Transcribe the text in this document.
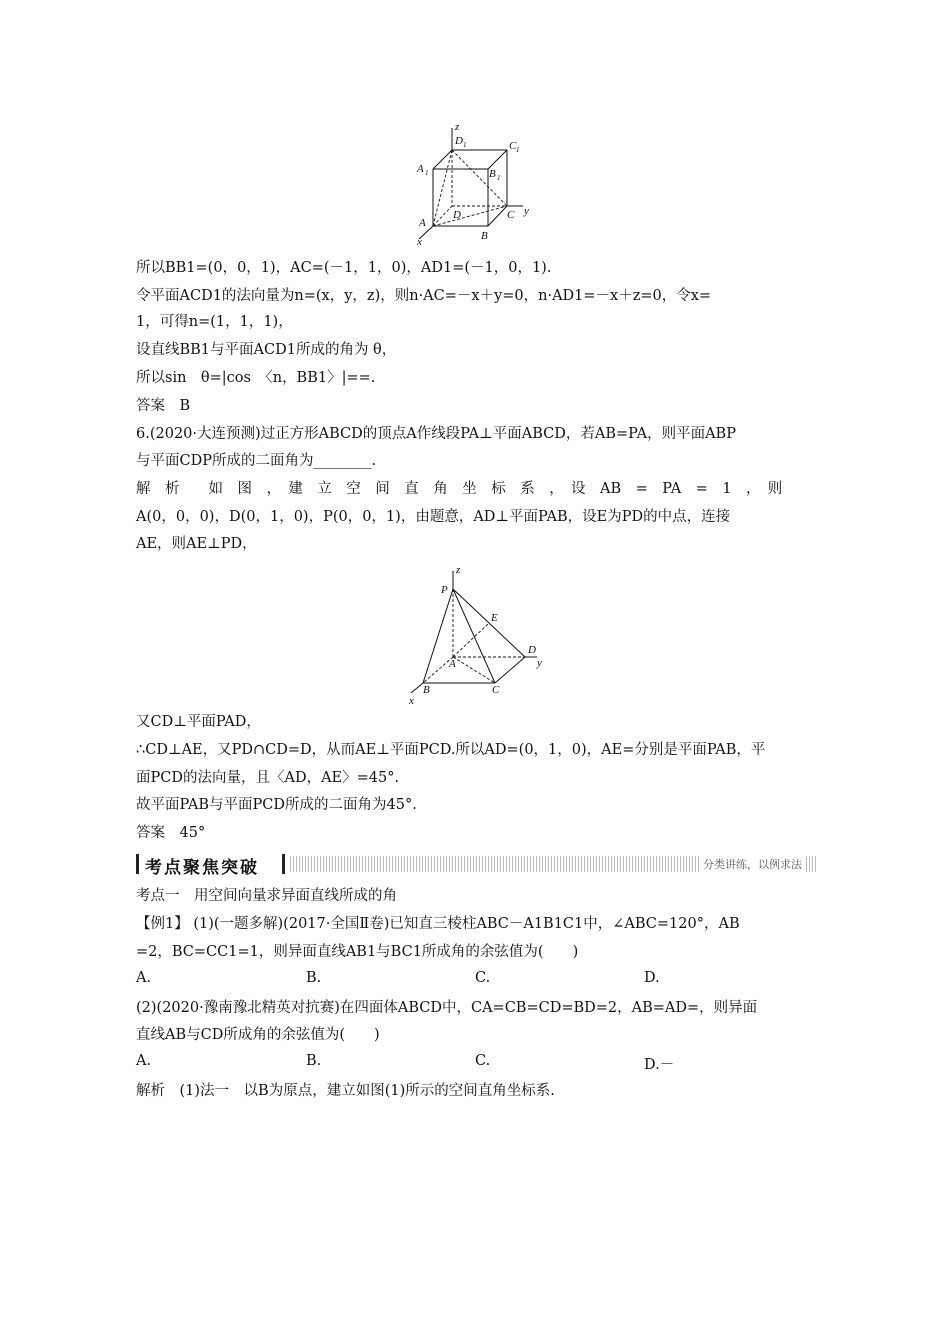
z
D 1	C 1
A 1	B 1
A
D	C y
x	B
所以BB1=(0，0，1)，AC=(－1，1，0)，AD1=(－1，0，1).
令平面ACD1的法向量为n=(x，y，z)，则n·AC=－x＋y=0，n·AD1=－x＋z=0，令x=
1，可得n=(1，1，1)，
设直线BB1与平面ACD1所成的角为 θ，
所以sin　θ=|cos　〈n，BB1〉|==.
答案　B
6.(2020·大连预测)过正方形ABCD的顶点A作线段PA⊥平面ABCD，若AB=PA，则平面ABP
与平面CDP所成的二面角为________.
解　析　　如　图　，　建　立　空　间　直　角　坐　标　系　，　设　AB　=　PA　=　1　，　则
A(0，0，0)，D(0，1，0)，P(0，0，1)，由题意，AD⊥平面PAB，设E为PD的中点，连接
AE，则AE⊥PD，
z
P
E
D
y
A
B	C
x
又CD⊥平面PAD，
∴CD⊥AE，又PD∩CD=D，从而AE⊥平面PCD.所以AD=(0，1，0)，AE=分别是平面PAB，平
面PCD的法向量，且〈AD，AE〉=45°.
故平面PAB与平面PCD所成的二面角为45°.
答案　45°
考点聚焦突破	分类讲练，以例求法
考点一　用空间向量求异面直线所成的角
【例1】 (1)(一题多解)(2017·全国Ⅱ卷)已知直三棱柱ABC－A1B1C1中，∠ABC=120°，AB
=2，BC=CC1=1，则异面直线AB1与BC1所成角的余弦值为(　　)
A.	B.	C.	D.
(2)(2020·豫南豫北精英对抗赛)在四面体ABCD中，CA=CB=CD=BD=2，AB=AD=，则异面
直线AB与CD所成角的余弦值为(　　)
A.	B.	C.	D.－
解析　(1)法一　以B为原点，建立如图(1)所示的空间直角坐标系.
